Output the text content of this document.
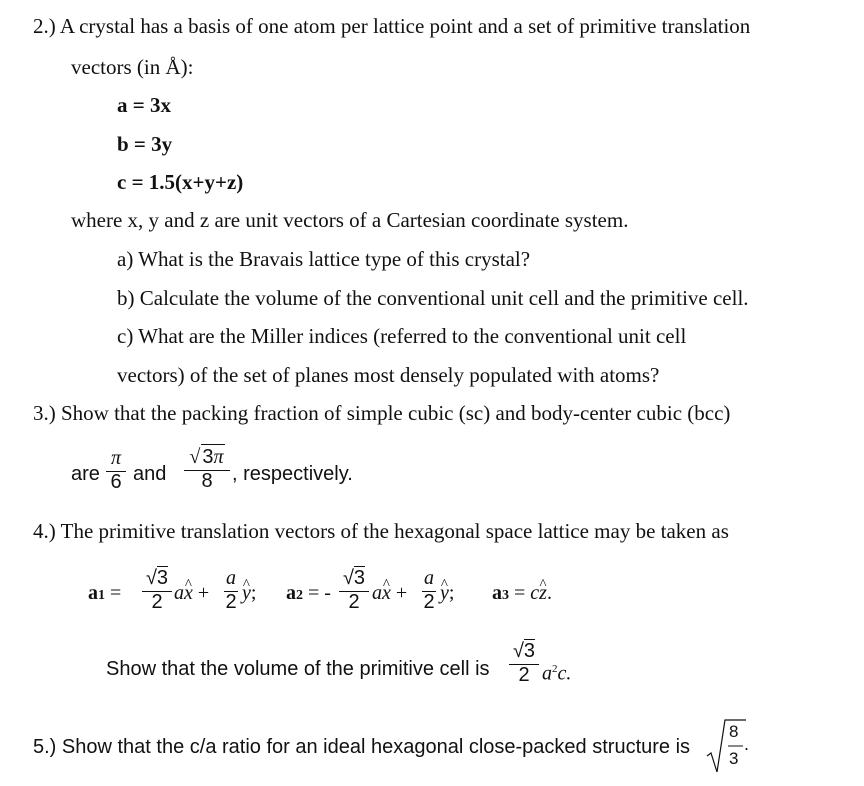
2.) A crystal has a basis of one atom per lattice point and a set of primitive translation
vectors (in Å):
a = 3x
b = 3y
c = 1.5(x+y+z)
where x, y and z are unit vectors of a Cartesian coordinate system.
a) What is the Bravais lattice type of this crystal?
b) Calculate the volume of the conventional unit cell and the primitive cell.
c) What are the Miller indices (referred to the conventional unit cell
vectors) of the set of planes most densely populated with atoms?
3.) Show that the packing fraction of simple cubic (sc) and body-center cubic (bcc)
are
π
6 and
√ 3π
8 , respectively.
4.) The primitive translation vectors of the hexagonal space lattice may be taken as
a1 =
√3
2 ax ^ +
a
2 y ^; a2 = -
√3
2 ax ^ +
a
2 y ^; a3 = cz ^.
Show that the volume of the primitive cell is
√3
2 $a^2c$.
5.) Show that the c/a ratio for an ideal hexagonal close-packed structure is
8
3
.
